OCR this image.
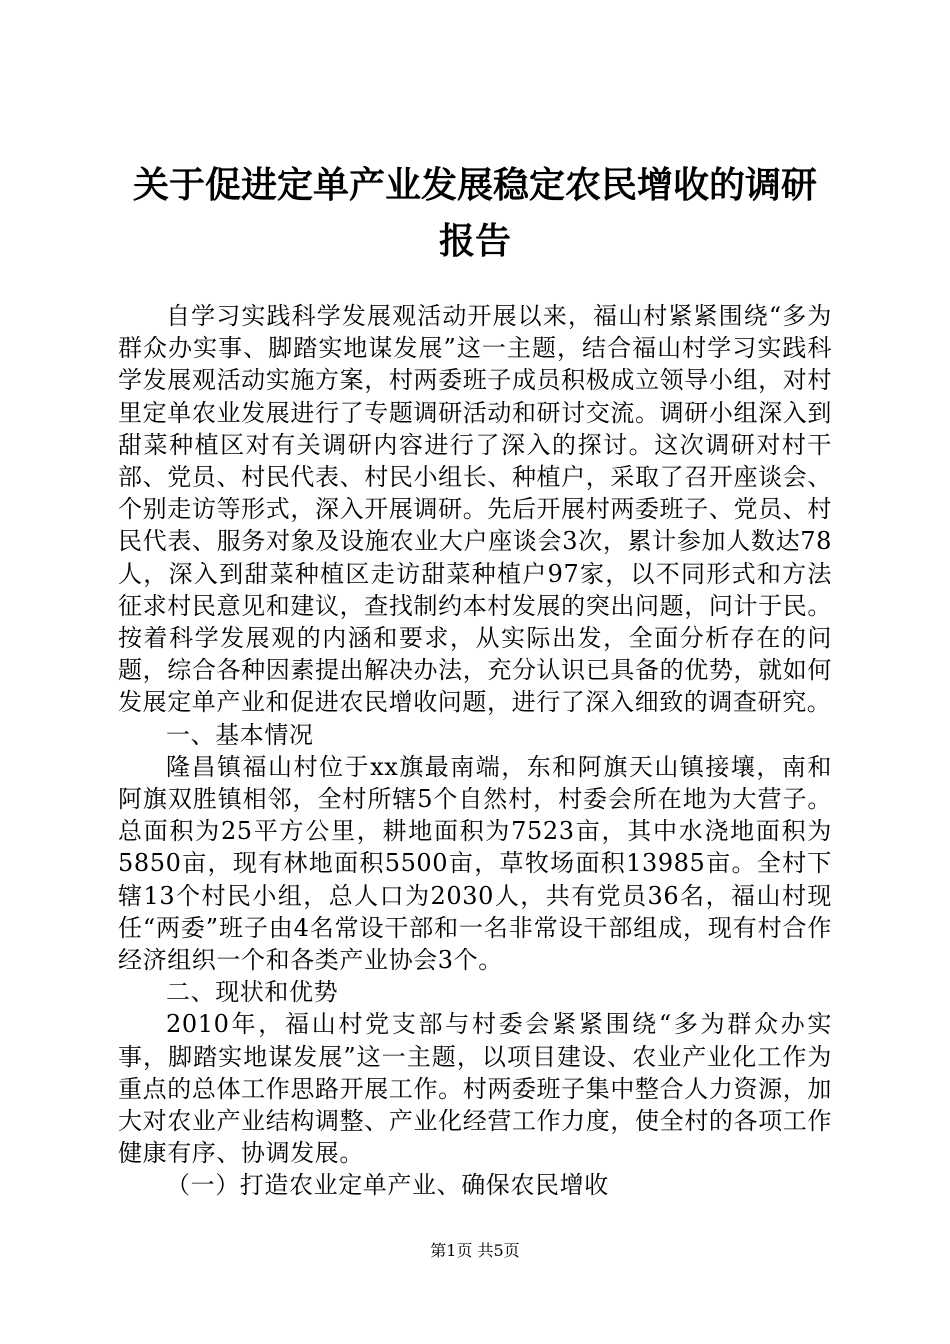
关于促进定单产业发展稳定农民增收的调研报告

自学习实践科学发展观活动开展以来，福山村紧紧围绕“多为群众办实事、脚踏实地谋发展”这一主题，结合福山村学习实践科学发展观活动实施方案，村两委班子成员积极成立领导小组，对村里定单农业发展进行了专题调研活动和研讨交流。调研小组深入到甜菜种植区对有关调研内容进行了深入的探讨。这次调研对村干部、党员、村民代表、村民小组长、种植户，采取了召开座谈会、个别走访等形式，深入开展调研。先后开展村两委班子、党员、村民代表、服务对象及设施农业大户座谈会3次，累计参加人数达78人，深入到甜菜种植区走访甜菜种植户97家，以不同形式和方法征求村民意见和建议，查找制约本村发展的突出问题，问计于民。按着科学发展观的内涵和要求，从实际出发，全面分析存在的问题，综合各种因素提出解决办法，充分认识已具备的优势，就如何发展定单产业和促进农民增收问题，进行了深入细致的调查研究。

一、基本情况

隆昌镇福山村位于xx旗最南端，东和阿旗天山镇接壤，南和阿旗双胜镇相邻，全村所辖5个自然村，村委会所在地为大营子。总面积为25平方公里，耕地面积为7523亩，其中水浇地面积为5850亩，现有林地面积5500亩，草牧场面积13985亩。全村下辖13个村民小组，总人口为2030人，共有党员36名，福山村现任“两委”班子由4名常设干部和一名非常设干部组成，现有村合作经济组织一个和各类产业协会3个。

二、现状和优势

2010年，福山村党支部与村委会紧紧围绕“多为群众办实事，脚踏实地谋发展”这一主题，以项目建设、农业产业化工作为重点的总体工作思路开展工作。村两委班子集中整合人力资源，加大对农业产业结构调整、产业化经营工作力度，使全村的各项工作健康有序、协调发展。

（一）打造农业定单产业、确保农民增收

第1页 共5页
